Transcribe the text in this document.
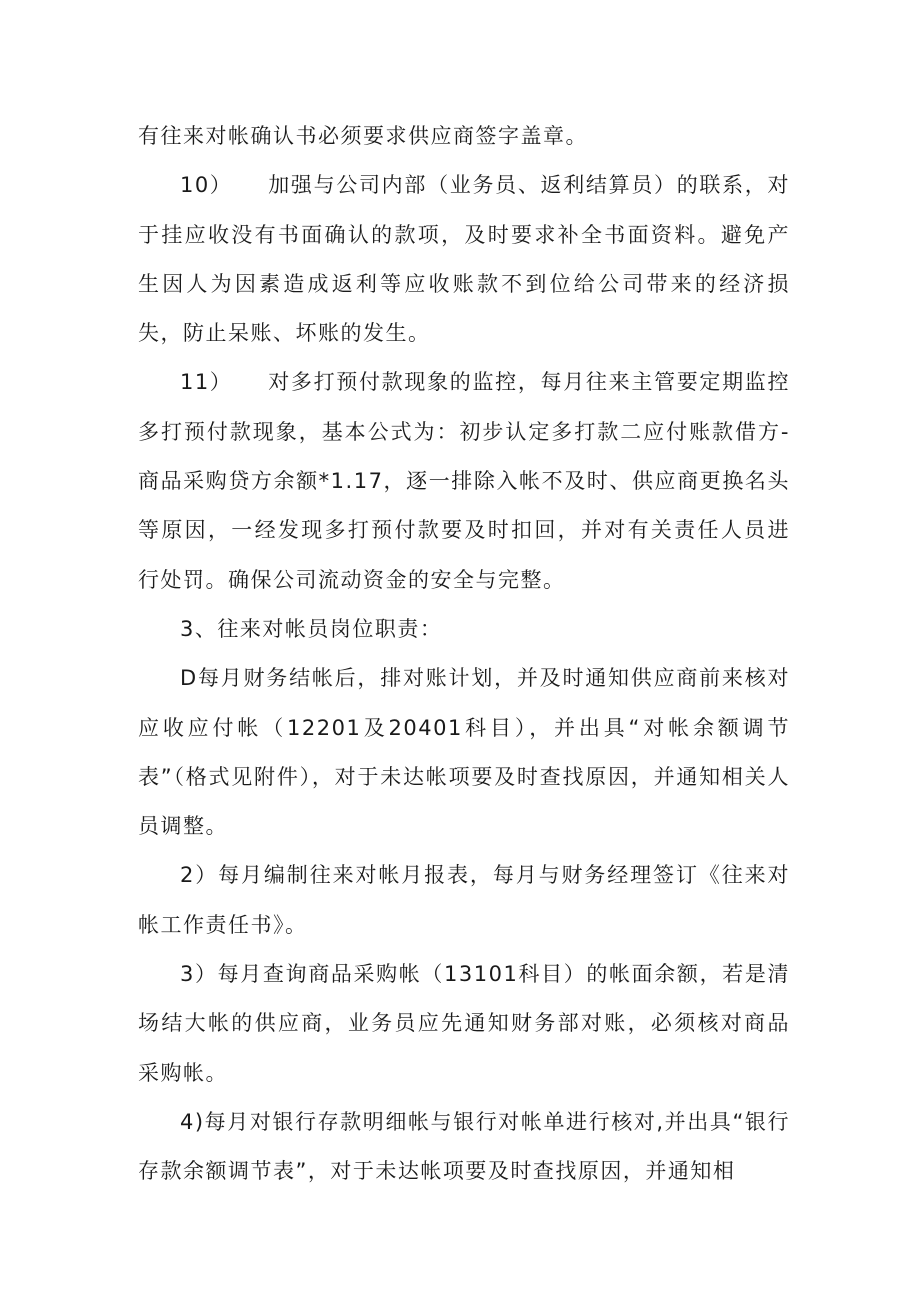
有往来对帐确认书必须要求供应商签字盖章。

10） 加强与公司内部（业务员、返利结算员）的联系，对于挂应收没有书面确认的款项，及时要求补全书面资料。避免产生因人为因素造成返利等应收账款不到位给公司带来的经济损失，防止呆账、坏账的发生。

11） 对多打预付款现象的监控，每月往来主管要定期监控多打预付款现象，基本公式为：初步认定多打款二应付账款借方-商品采购贷方余额*1.17，逐一排除入帐不及时、供应商更换名头等原因，一经发现多打预付款要及时扣回，并对有关责任人员进行处罚。确保公司流动资金的安全与完整。

3、往来对帐员岗位职责：

D每月财务结帐后，排对账计划，并及时通知供应商前来核对应收应付帐（12201及20401科目），并出具“对帐余额调节表”（格式见附件），对于未达帐项要及时查找原因，并通知相关人员调整。

2）每月编制往来对帐月报表，每月与财务经理签订《往来对帐工作责任书》。

3）每月查询商品采购帐（13101科目）的帐面余额，若是清场结大帐的供应商，业务员应先通知财务部对账，必须核对商品采购帐。

4)每月对银行存款明细帐与银行对帐单进行核对,并出具“银行存款余额调节表”，对于未达帐项要及时查找原因，并通知相
